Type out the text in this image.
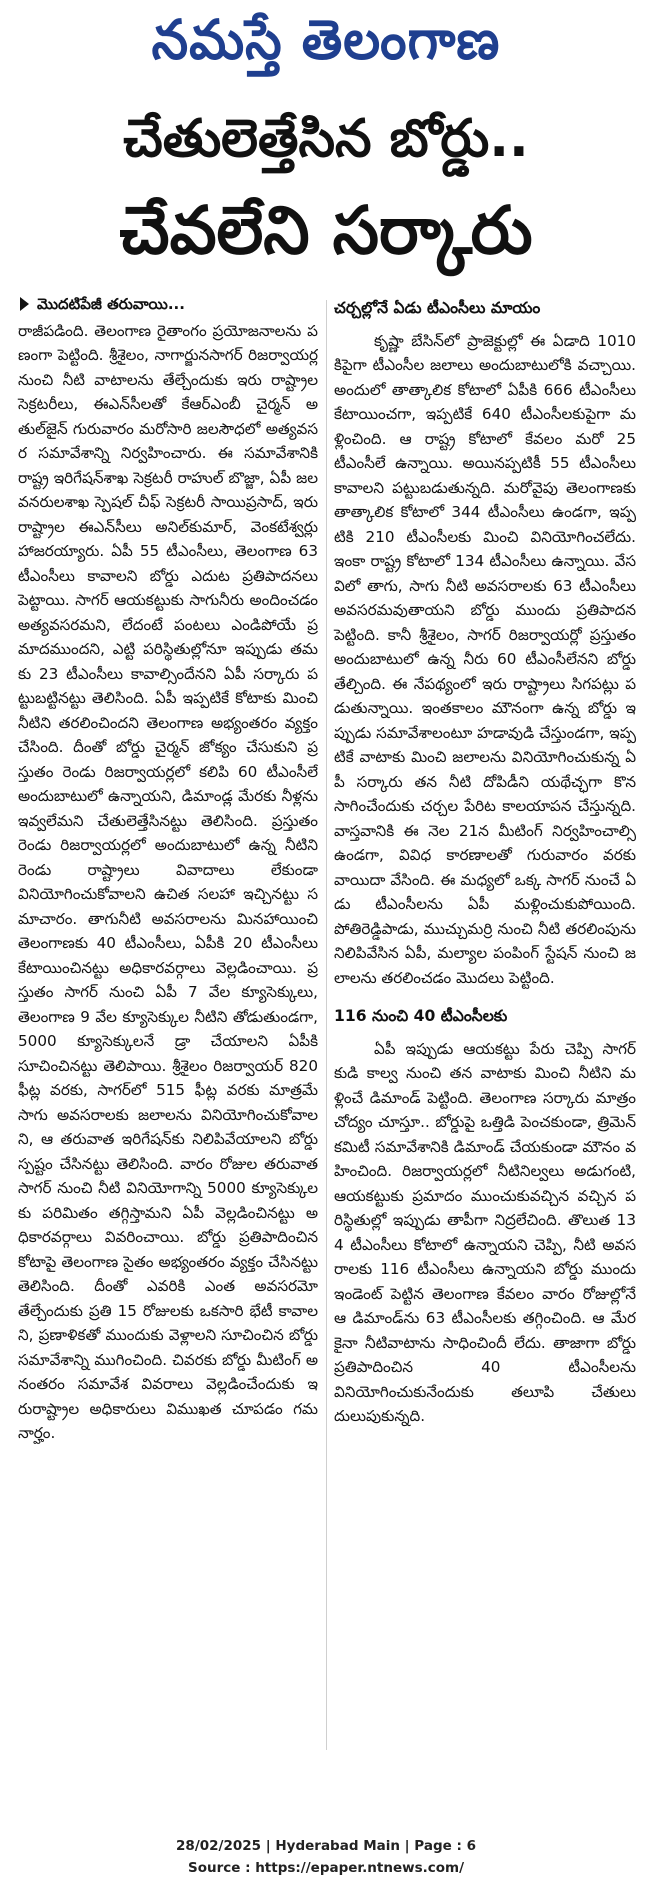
నమస్తే తెలంగాణ
చేతులెత్తేసిన బోర్డు..
చేవలేని సర్కారు
మొదటిపేజీ తరువాయి...

రాజీపడింది. తెలంగాణ రైతాంగం ప్రయోజనాలను పణంగా పెట్టింది. శ్రీశైలం, నాగార్జునసాగర్ రిజర్వాయర్ల నుంచి నీటి వాటాలను తేల్చేందుకు ఇరు రాష్ట్రాల సెక్రటరీలు, ఈఎన్‌సీలతో కేఆర్‌ఎంబీ చైర్మన్ అతుల్‌జైన్ గురువారం మరోసారి జలసౌధలో అత్యవసర సమావేశాన్ని నిర్వహించారు. ఈ సమావేశానికి రాష్ట్ర ఇరిగేషన్‌శాఖ సెక్రటరీ రాహుల్ బొజ్జా, ఏపీ జలవనరులశాఖ స్పెషల్ చీఫ్ సెక్రటరీ సాయిప్రసాద్, ఇరు రాష్ట్రాల ఈఎన్‌సీలు అనిల్‌కుమార్, వెంకటేశ్వర్లు హాజరయ్యారు. ఏపీ 55 టీఎంసీలు, తెలంగాణ 63 టీఎంసీలు కావాలని బోర్డు ఎదుట ప్రతిపాదనలు పెట్టాయి. సాగర్ ఆయకట్టుకు సాగునీరు అందించడం అత్యవసరమని, లేదంటే పంటలు ఎండిపోయే ప్రమాదముందని, ఎట్టి పరిస్థితుల్లోనూ ఇప్పుడు తమకు 23 టీఎంసీలు కావాల్సిందేనని ఏపీ సర్కారు పట్టుబట్టినట్టు తెలిసింది. ఏపీ ఇప్పటికే కోటాకు మించి నీటిని తరలించిందని తెలంగాణ అభ్యంతరం వ్యక్తం చేసింది. దీంతో బోర్డు చైర్మన్ జోక్యం చేసుకుని ప్రస్తుతం రెండు రిజర్వాయర్లలో కలిపి 60 టీఎంసీలే అందుబాటులో ఉన్నాయని, డిమాండ్ల మేరకు నీళ్లను ఇవ్వలేమని చేతులెత్తేసినట్టు తెలిసింది. ప్రస్తుతం రెండు రిజర్వాయర్లలో అందుబాటులో ఉన్న నీటిని రెండు రాష్ట్రాలు వివాదాలు లేకుండా వినియోగించుకోవాలని ఉచిత సలహా ఇచ్చినట్టు సమాచారం. తాగునీటి అవసరాలను మినహాయించి తెలంగాణకు 40 టీఎంసీలు, ఏపీకి 20 టీఎంసీలు కేటాయించినట్టు అధికారవర్గాలు వెల్లడించాయి. ప్రస్తుతం సాగర్ నుంచి ఏపీ 7 వేల క్యూసెక్కులు, తెలంగాణ 9 వేల క్యూసెక్కుల నీటిని తోడుతుండగా, 5000 క్యూసెక్కులనే డ్రా చేయాలని ఏపీకి సూచించినట్టు తెలిపాయి. శ్రీశైలం రిజర్వాయర్ 820 ఫీట్ల వరకు, సాగర్‌లో 515 ఫీట్ల వరకు మాత్రమే సాగు అవసరాలకు జలాలను వినియోగించుకోవాలని, ఆ తరువాత ఇరిగేషన్‌కు నిలిపివేయాలని బోర్డు స్పష్టం చేసినట్టు తెలిసింది. వారం రోజుల తరువాత సాగర్ నుంచి నీటి వినియోగాన్ని 5000 క్యూసెక్కులకు పరిమితం తగ్గిస్తామని ఏపీ వెల్లడించినట్టు అధికారవర్గాలు వివరించాయి. బోర్డు ప్రతిపాదించిన కోటాపై తెలంగాణ సైతం అభ్యంతరం వ్యక్తం చేసినట్టు తెలిసింది. దీంతో ఎవరికి ఎంత అవసరమో తేల్చేందుకు ప్రతి 15 రోజులకు ఒకసారి భేటీ కావాలని, ప్రణాళికతో ముందుకు వెళ్లాలని సూచించిన బోర్డు సమావేశాన్ని ముగించింది. చివరకు బోర్డు మీటింగ్ అనంతరం సమావేశ వివరాలు వెల్లడించేందుకు ఇరురాష్ట్రాల అధికారులు విముఖత చూపడం గమనార్హం.

చర్చల్లోనే ఏడు టీఎంసీలు మాయం

కృష్ణా బేసిన్‌లో ప్రాజెక్టుల్లో ఈ ఏడాది 1010కిపైగా టీఎంసీల జలాలు అందుబాటులోకి వచ్చాయి. అందులో తాత్కాలిక కోటాలో ఏపీకి 666 టీఎంసీలు కేటాయించగా, ఇప్పటికే 640 టీఎంసీలకుపైగా మళ్లించింది. ఆ రాష్ట్ర కోటాలో కేవలం మరో 25 టీఎంసీలే ఉన్నాయి. అయినప్పటికీ 55 టీఎంసీలు కావాలని పట్టుబడుతున్నది. మరోవైపు తెలంగాణకు తాత్కాలిక కోటాలో 344 టీఎంసీలు ఉండగా, ఇప్పటికి 210 టీఎంసీలకు మించి వినియోగించలేదు. ఇంకా రాష్ట్ర కోటాలో 134 టీఎంసీలు ఉన్నాయి. వేసవిలో తాగు, సాగు నీటి అవసరాలకు 63 టీఎంసీలు అవసరమవుతాయని బోర్డు ముందు ప్రతిపాదన పెట్టింది. కానీ శ్రీశైలం, సాగర్ రిజర్వాయర్లో ప్రస్తుతం అందుబాటులో ఉన్న నీరు 60 టీఎంసీలేనని బోర్డు తేల్చింది. ఈ నేపథ్యంలో ఇరు రాష్ట్రాలు సిగపట్లు పడుతున్నాయి. ఇంతకాలం మౌనంగా ఉన్న బోర్డు ఇప్పుడు సమావేశాలంటూ హడావుడి చేస్తుండగా, ఇప్పటికే వాటాకు మించి జలాలను వినియోగించుకున్న ఏపీ సర్కారు తన నీటి దోపిడీని యథేచ్ఛగా కొనసాగించేందుకు చర్చల పేరిట కాలయాపన చేస్తున్నది. వాస్తవానికి ఈ నెల 21న మీటింగ్ నిర్వహించాల్సి ఉండగా, వివిధ కారణాలతో గురువారం వరకు వాయిదా వేసింది. ఈ మధ్యలో ఒక్క సాగర్ నుంచే ఏడు టీఎంసీలను ఏపీ మళ్లించుకుపోయింది. పోతిరెడ్డిపాడు, ముచ్చుమర్రి నుంచి నీటి తరలింపును నిలిపివేసిన ఏపీ, మల్యాల పంపింగ్ స్టేషన్ నుంచి జలాలను తరలించడం మొదలు పెట్టింది.

116 నుంచి 40 టీఎంసీలకు

ఏపీ ఇప్పుడు ఆయకట్టు పేరు చెప్పి సాగర్ కుడి కాల్వ నుంచి తన వాటాకు మించి నీటిని మళ్లించే డిమాండ్ పెట్టింది. తెలంగాణ సర్కారు మాత్రం చోద్యం చూస్తూ.. బోర్డుపై ఒత్తిడి పెంచకుండా, త్రిమెన్ కమిటీ సమావేశానికి డిమాండ్ చేయకుండా మౌనం వహించింది. రిజర్వాయర్లలో నీటినిల్వలు అడుగంటి, ఆయకట్టుకు ప్రమాదం ముంచుకువచ్చిన వచ్చిన పరిస్థితుల్లో ఇప్పుడు తాపీగా నిద్రలేచింది. తొలుత 134 టీఎంసీలు కోటాలో ఉన్నాయని చెప్పి, నీటి అవసరాలకు 116 టీఎంసీలు ఉన్నాయని బోర్డు ముందు ఇండెంట్ పెట్టిన తెలంగాణ కేవలం వారం రోజుల్లోనే ఆ డిమాండ్‌ను 63 టీఎంసీలకు తగ్గించింది. ఆ మేరకైనా నీటివాటాను సాధించిందీ లేదు. తాజాగా బోర్డు ప్రతిపాదించిన 40 టీఎంసీలను వినియోగించుకునేందుకు తలూపి చేతులు దులుపుకున్నది.

28/02/2025 | Hyderabad Main | Page : 6
Source : https://epaper.ntnews.com/
